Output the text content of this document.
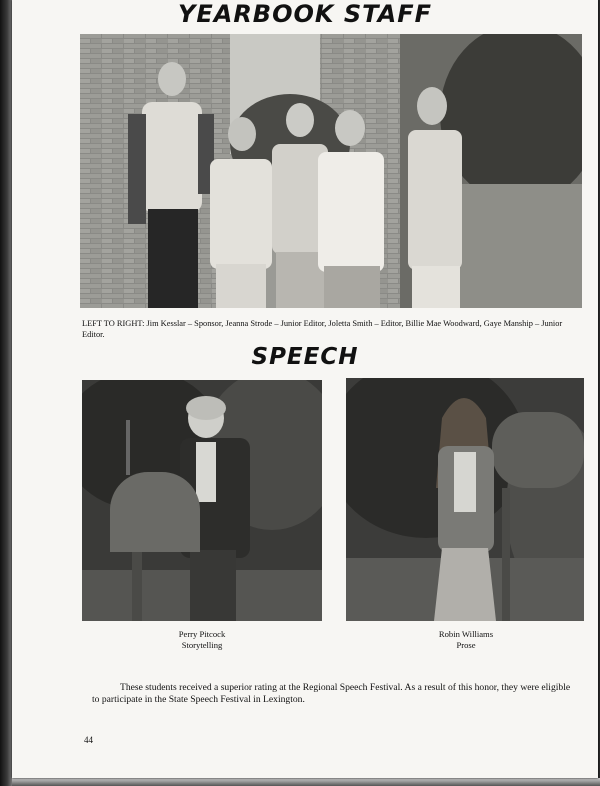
YEARBOOK STAFF
LEFT TO RIGHT: Jim Kesslar – Sponsor, Jeanna Strode – Junior Editor, Joletta Smith – Editor, Billie Mae Woodward, Gaye Manship – Junior Editor.
SPEECH
Perry Pitcock
Storytelling
Robin Williams
Prose
These students received a superior rating at the Regional Speech Festival. As a result of this honor, they were eligible to participate in the State Speech Festival in Lexington.
44
